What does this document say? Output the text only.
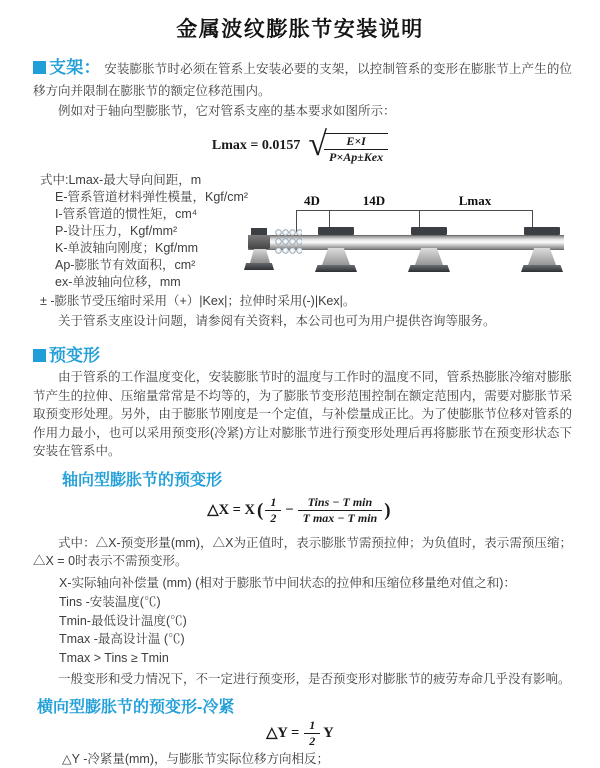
金属波纹膨胀节安装说明

支架： 安装膨胀节时必须在管系上安装必要的支架，以控制管系的变形在膨胀节上产生的位移方向并限制在膨胀节的额定位移范围内。

例如对于轴向型膨胀节，它对管系支座的基本要求如图所示：

Lmax = 0.0157 √
$\frac{E\times I}{\text{P×Ap±Kex}}$
式中:Lmax-最大导向间距，m
E-管系管道材料弹性模量，Kgf/cm²
I-管系管道的惯性矩，cm⁴
P-设计压力，Kgf/mm²
K-单波轴向刚度；Kgf/mm
Ap-膨胀节有效面积，cm²
ex-单波轴向位移，mm
± -膨胀节受压缩时采用（+）|Kex|；拉伸时采用(-)|Kex|。
关于管系支座设计问题，请参阅有关资料，本公司也可为用户提供咨询等服务。
4D	14D	Lmax
预变形

由于管系的工作温度变化，安装膨胀节时的温度与工作时的温度不同，管系热膨胀冷缩对膨胀节产生的拉伸、压缩量常常是不均等的，为了膨胀节变形范围控制在额定范围内，需要对膨胀节采取预变形处理。另外，由于膨胀节刚度是一个定值，与补偿量成正比。为了使膨胀节位移对管系的作用力最小，也可以采用预变形(冷紧)方让对膨胀节进行预变形处理后再将膨胀节在预变形状态下安装在管系中。

轴向型膨胀节的预变形
△X = X ( $\frac{1}{2} - \frac{\text{Tins − T min}}{\text{T max − T min}}$ )

式中：△X-预变形量(mm)，△X为正值时，表示膨胀节需预拉伸；为负值时，表示需预压缩；△X = 0时表示不需预变形。

X-实际轴向补偿量 (mm) (相对于膨胀节中间状态的拉伸和压缩位移量绝对值之和)：
Tins -安装温度(℃)
Tmin-最低设计温度(℃)
Tmax -最高设计温 (℃)
Tmax > Tins ≥ Tmin

一般变形和受力情况下，不一定进行预变形，是否预变形对膨胀节的疲劳寿命几乎没有影响。

横向型膨胀节的预变形-冷紧
△Y = $\frac{1}{2}$ Y

△Y -冷紧量(mm)，与膨胀节实际位移方向相反；
